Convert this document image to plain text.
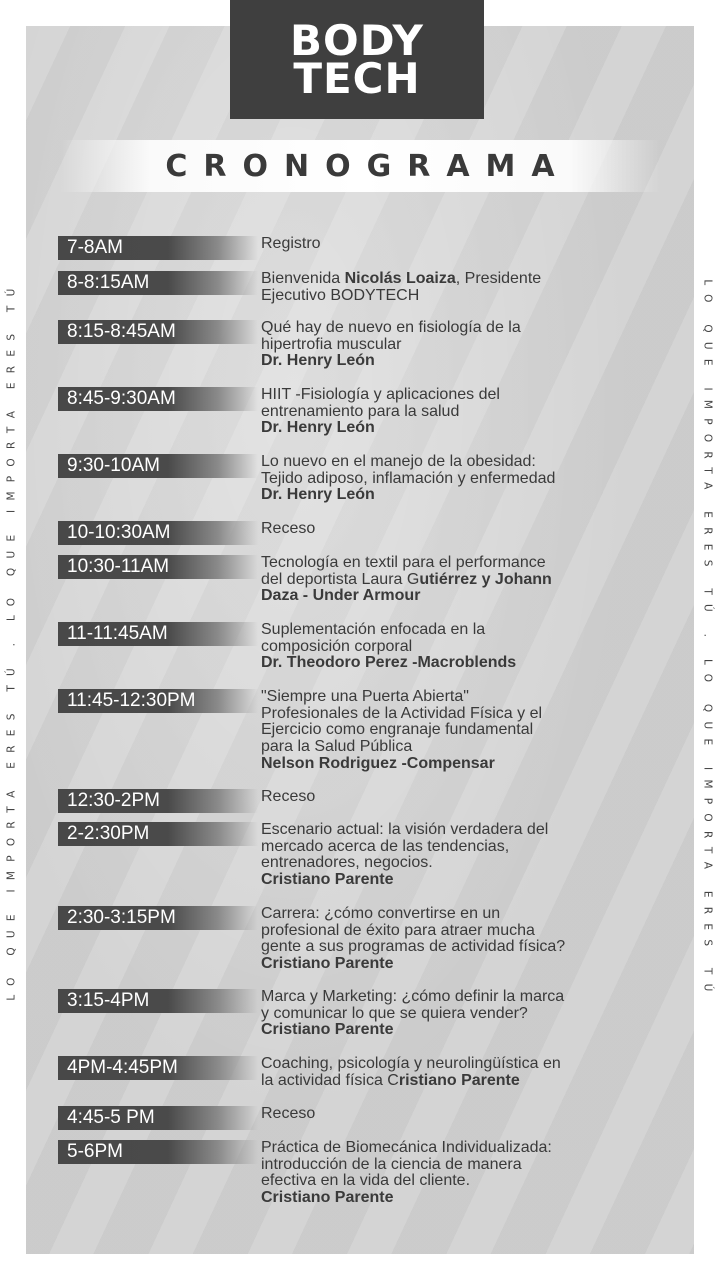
BODY
TECH
CRONOGRAMA
LO QUE IMPORTA ERES TÚ . LO QUE IMPORTA ERES TÚ	LO QUE IMPORTA ERES TÚ . LO QUE IMPORTA ERES TÚ
7-8AM	Registro
8-8:15AM	Bienvenida Nicolás Loaiza, Presidente
Ejecutivo BODYTECH
8:15-8:45AM	Qué hay de nuevo en fisiología de la
hipertrofia muscular
Dr. Henry León
8:45-9:30AM	HIIT -Fisiología y aplicaciones del
entrenamiento para la salud
Dr. Henry León
9:30-10AM	Lo nuevo en el manejo de la obesidad:
Tejido adiposo, inflamación y enfermedad
Dr. Henry León
10-10:30AM	Receso
10:30-11AM	Tecnología en textil para el performance
del deportista Laura Gutiérrez y Johann
Daza - Under Armour
11-11:45AM	Suplementación enfocada en la
composición corporal
Dr. Theodoro Perez -Macroblends
11:45-12:30PM	"Siempre una Puerta Abierta"
Profesionales de la Actividad Física y el
Ejercicio como engranaje fundamental
para la Salud Pública
Nelson Rodriguez -Compensar
12:30-2PM	Receso
2-2:30PM	Escenario actual: la visión verdadera del
mercado acerca de las tendencias,
entrenadores, negocios.
Cristiano Parente
2:30-3:15PM	Carrera: ¿cómo convertirse en un
profesional de éxito para atraer mucha
gente a sus programas de actividad física?
Cristiano Parente
3:15-4PM	Marca y Marketing: ¿cómo definir la marca
y comunicar lo que se quiera vender?
Cristiano Parente
4PM-4:45PM	Coaching, psicología y neurolingüística en
la actividad física Cristiano Parente
4:45-5 PM	Receso
5-6PM	Práctica de Biomecánica Individualizada:
introducción de la ciencia de manera
efectiva en la vida del cliente.
Cristiano Parente
